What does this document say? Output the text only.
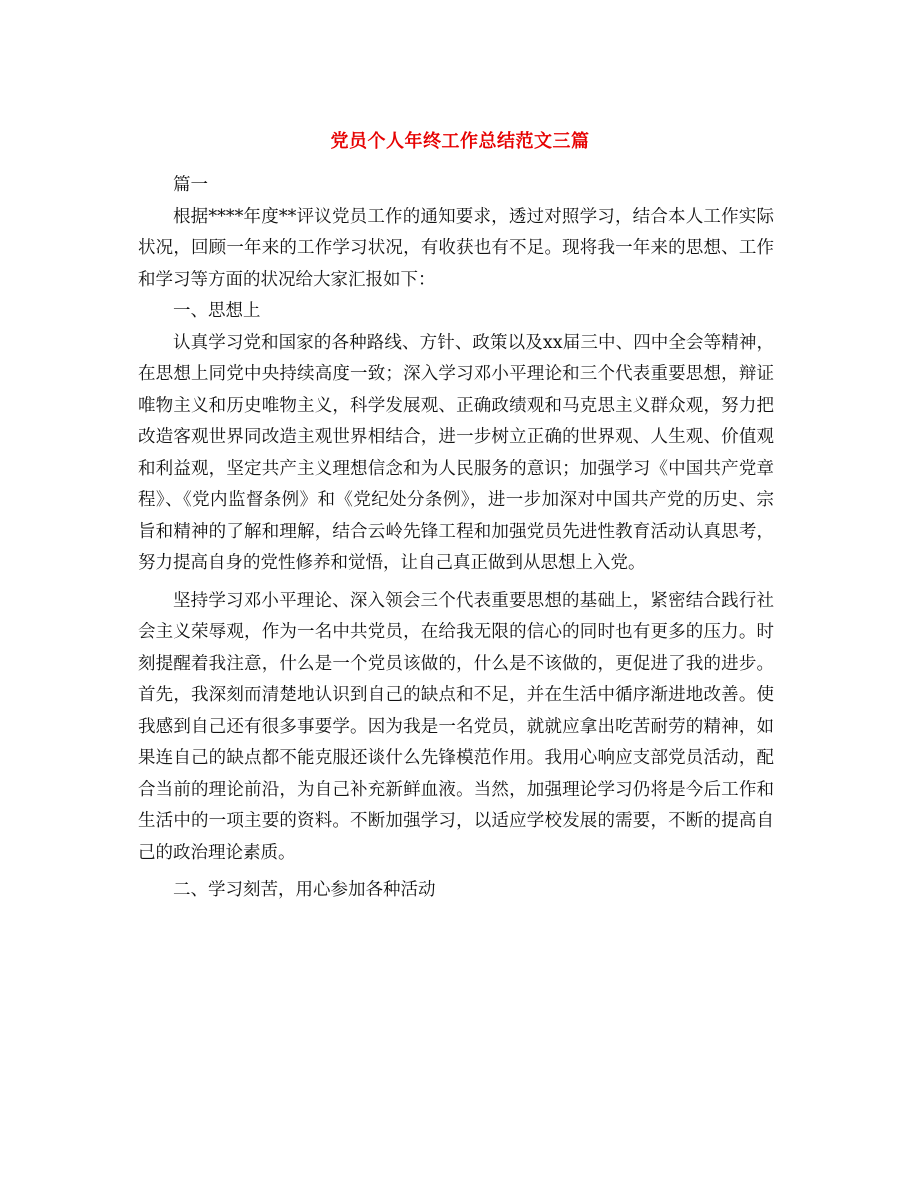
党员个人年终工作总结范文三篇

篇一

根据****年度**评议党员工作的通知要求，透过对照学习，结合本人工作实际状况，回顾一年来的工作学习状况，有收获也有不足。现将我一年来的思想、工作和学习等方面的状况给大家汇报如下：

一、思想上

认真学习党和国家的各种路线、方针、政策以及xx届三中、四中全会等精神，在思想上同党中央持续高度一致；深入学习邓小平理论和三个代表重要思想，辩证唯物主义和历史唯物主义，科学发展观、正确政绩观和马克思主义群众观，努力把改造客观世界同改造主观世界相结合，进一步树立正确的世界观、人生观、价值观和利益观，坚定共产主义理想信念和为人民服务的意识；加强学习《中国共产党章程》、《党内监督条例》和《党纪处分条例》，进一步加深对中国共产党的历史、宗旨和精神的了解和理解，结合云岭先锋工程和加强党员先进性教育活动认真思考，努力提高自身的党性修养和觉悟，让自己真正做到从思想上入党。

坚持学习邓小平理论、深入领会三个代表重要思想的基础上，紧密结合践行社会主义荣辱观，作为一名中共党员，在给我无限的信心的同时也有更多的压力。时刻提醒着我注意，什么是一个党员该做的，什么是不该做的，更促进了我的进步。首先，我深刻而清楚地认识到自己的缺点和不足，并在生活中循序渐进地改善。使我感到自己还有很多事要学。因为我是一名党员，就就应拿出吃苦耐劳的精神，如果连自己的缺点都不能克服还谈什么先锋模范作用。我用心响应支部党员活动，配合当前的理论前沿，为自己补充新鲜血液。当然，加强理论学习仍将是今后工作和生活中的一项主要的资料。不断加强学习，以适应学校发展的需要，不断的提高自己的政治理论素质。

二、学习刻苦，用心参加各种活动
